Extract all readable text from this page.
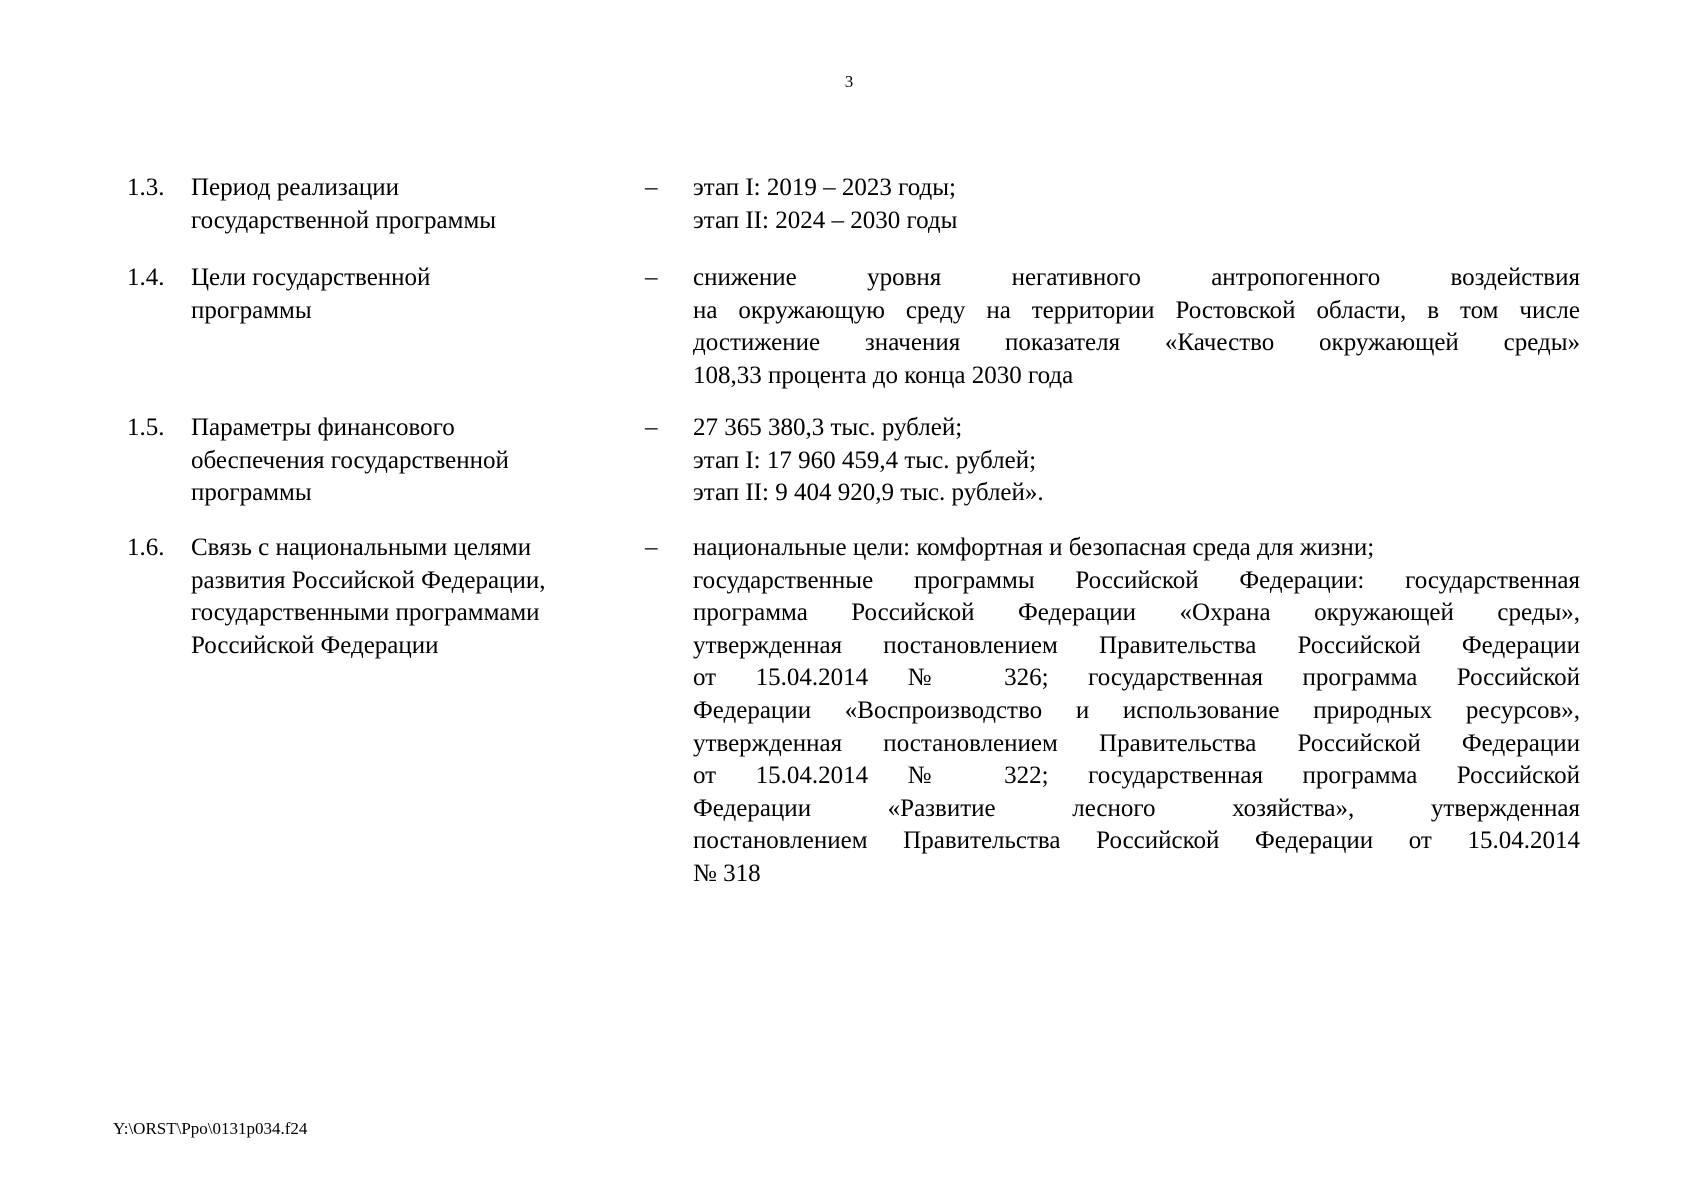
3
1.3. Период реализации
государственной программы
– этап I: 2019 – 2023 годы;
этап II: 2024 – 2030 годы
1.4. Цели государственной
программы
– снижение уровня негативного антропогенного воздействия
на окружающую среду на территории Ростовской области, в том числе
достижение значения показателя «Качество окружающей среды»
108,33 процента до конца 2030 года
1.5. Параметры финансового
обеспечения государственной
программы
– 27 365 380,3 тыс. рублей;
этап I: 17 960 459,4 тыс. рублей;
этап II: 9 404 920,9 тыс. рублей».
1.6. Связь с национальными целями
развития Российской Федерации,
государственными программами
Российской Федерации
– национальные цели: комфортная и безопасная среда для жизни;
государственные программы Российской Федерации: государственная
программа Российской Федерации «Охрана окружающей среды»,
утвержденная постановлением Правительства Российской Федерации
от 15.04.2014 № 326; государственная программа Российской
Федерации «Воспроизводство и использование природных ресурсов»,
утвержденная постановлением Правительства Российской Федерации
от 15.04.2014 № 322; государственная программа Российской
Федерации «Развитие лесного хозяйства», утвержденная
постановлением Правительства Российской Федерации от 15.04.2014
№ 318
Y:\ORST\Ppo\0131p034.f24
